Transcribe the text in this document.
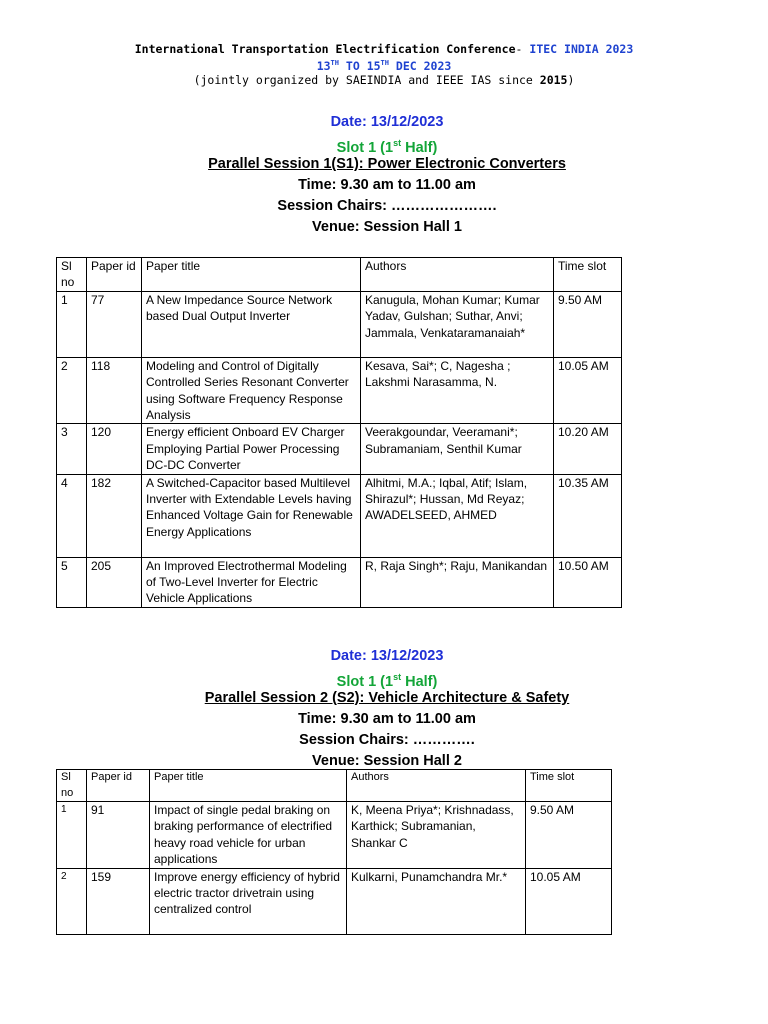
International Transportation Electrification Conference- ITEC INDIA 2023
13TH TO 15TH DEC 2023
(jointly organized by SAEINDIA and IEEE IAS since 2015)
Date: 13/12/2023
Slot 1 (1st Half)
Parallel Session 1(S1): Power Electronic Converters
Time: 9.30 am to 11.00 am
Session Chairs: ………………….
Venue: Session Hall 1
Sl no	Paper id	Paper title	Authors	Time slot
1	77	A New Impedance Source Network based Dual Output Inverter	Kanugula, Mohan Kumar; Kumar Yadav, Gulshan; Suthar, Anvi; Jammala, Venkataramanaiah*	9.50 AM
2	118	Modeling and Control of Digitally Controlled Series Resonant Converter using Software Frequency Response Analysis	Kesava, Sai*; C, Nagesha ; Lakshmi Narasamma, N.	10.05 AM
3	120	Energy efficient Onboard EV Charger Employing Partial Power Processing DC-DC Converter	Veerakgoundar, Veeramani*; Subramaniam, Senthil Kumar	10.20 AM
4	182	A Switched-Capacitor based Multilevel Inverter with Extendable Levels having Enhanced Voltage Gain for Renewable Energy Applications	Alhitmi, M.A.; Iqbal, Atif; Islam, Shirazul*; Hussan, Md Reyaz; AWADELSEED, AHMED	10.35 AM
5	205	An Improved Electrothermal Modeling of Two-Level Inverter for Electric Vehicle Applications	R, Raja Singh*; Raju, Manikandan	10.50 AM
Date: 13/12/2023
Slot 1 (1st Half)
Parallel Session 2 (S2): Vehicle Architecture & Safety
Time: 9.30 am to 11.00 am
Session Chairs: ………….
Venue: Session Hall 2
Sl no	Paper id	Paper title	Authors	Time slot
1	91	Impact of single pedal braking on braking performance of electrified heavy road vehicle for urban applications	K, Meena Priya*; Krishnadass, Karthick; Subramanian, Shankar C	9.50 AM
2	159	Improve energy efficiency of hybrid electric tractor drivetrain using centralized control	Kulkarni, Punamchandra Mr.*	10.05 AM
